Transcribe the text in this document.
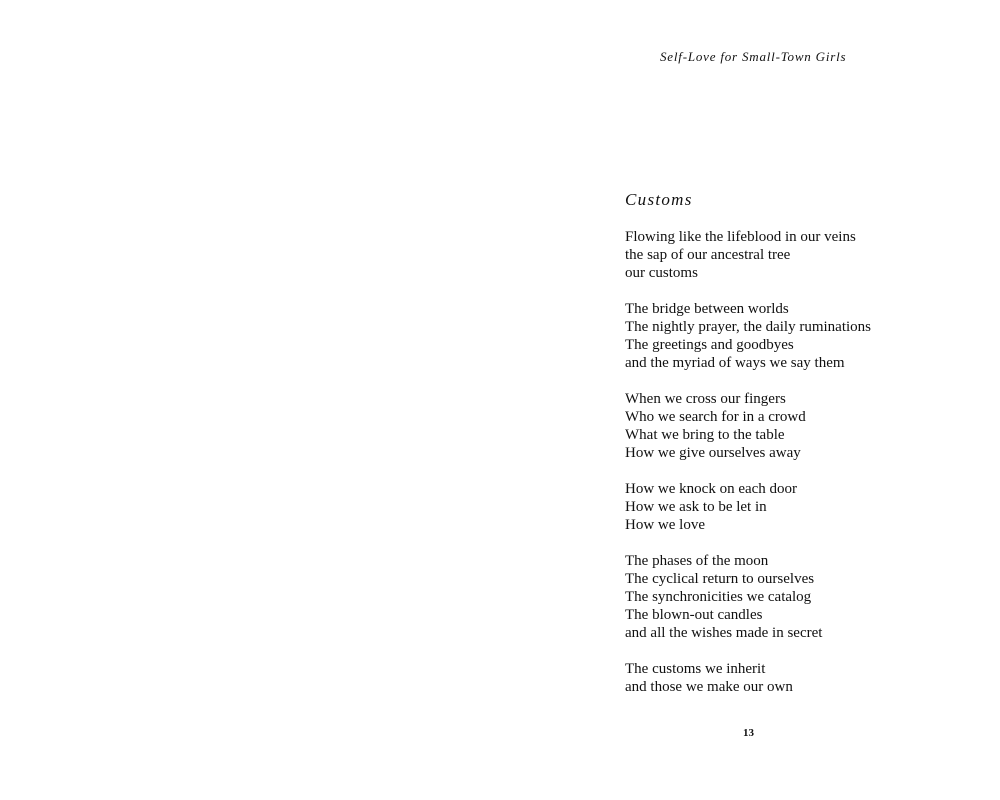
Self-Love for Small-Town Girls
Customs
Flowing like the lifeblood in our veins
the sap of our ancestral tree
our customs
The bridge between worlds
The nightly prayer, the daily ruminations
The greetings and goodbyes
and the myriad of ways we say them
When we cross our fingers
Who we search for in a crowd
What we bring to the table
How we give ourselves away
How we knock on each door
How we ask to be let in
How we love
The phases of the moon
The cyclical return to ourselves
The synchronicities we catalog
The blown-out candles
and all the wishes made in secret
The customs we inherit
and those we make our own
13
